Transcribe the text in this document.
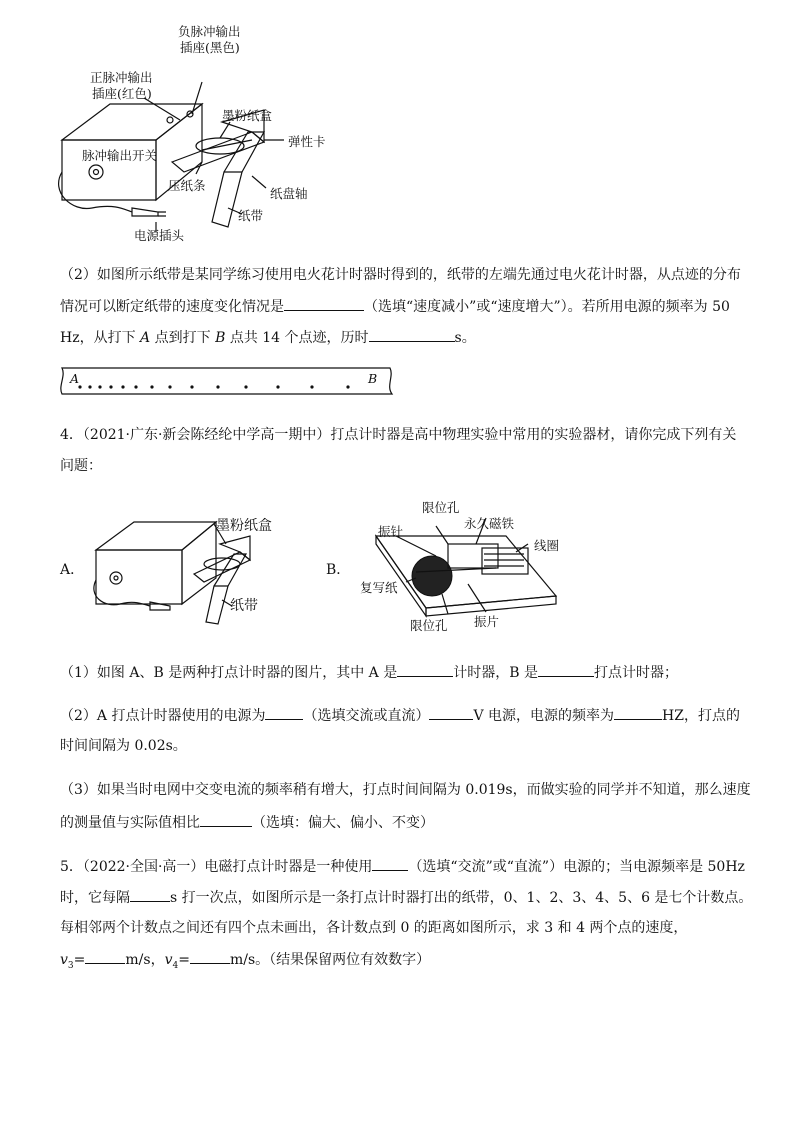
负脉冲输出
插座(黑色)
正脉冲输出
插座(红色)
墨粉纸盒
弹性卡
脉冲输出开关
压纸条
纸盘轴
纸带
电源插头
（2）如图所示纸带是某同学练习使用电火花计时器时得到的，纸带的左端先通过电火花计时器，从点迹的分布
情况可以断定纸带的速度变化情况是	（选填“速度减小”或“速度增大”）。若所用电源的频率为 50
Hz，从打下 A 点到打下 B 点共 14 个点迹，历时	s。
A	B
4．（2021·广东·新会陈经纶中学高一期中）打点计时器是高中物理实验中常用的实验器材，请你完成下列有关
问题：
A．
墨粉纸盒
纸带
B．
限位孔
永久磁铁
振针
线圈
复写纸
限位孔 振片
（1）如图 A、B 是两种打点计时器的图片，其中 A 是	计时器，B 是	打点计时器；
（2）A 打点计时器使用的电源为	（选填交流或直流）	V 电源，电源的频率为	HZ，打点的
时间间隔为 0.02s。
（3）如果当时电网中交变电流的频率稍有增大，打点时间间隔为 0.019s，而做实验的同学并不知道，那么速度
的测量值与实际值相比	（选填：偏大、偏小、不变）
5．（2022·全国·高一）电磁打点计时器是一种使用	（选填“交流”或“直流”）电源的；当电源频率是 50Hz
时，它每隔	s 打一次点，如图所示是一条打点计时器打出的纸带，0、1、2、3、4、5、6 是七个计数点。
每相邻两个计数点之间还有四个点未画出，各计数点到 0 的距离如图所示，求 3 和 4 两个点的速度，
$v_3=$	m/s，$v_4=$	m/s。（结果保留两位有效数字）
